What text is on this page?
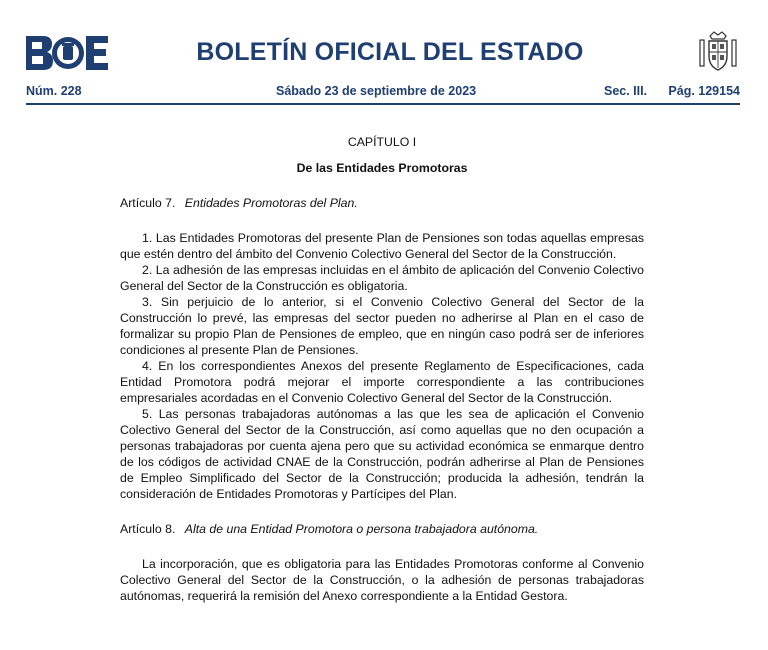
BOLETÍN OFICIAL DEL ESTADO
Núm. 228	Sábado 23 de septiembre de 2023	Sec. III. Pág. 129154
CAPÍTULO I
De las Entidades Promotoras
Artículo 7. Entidades Promotoras del Plan.

1. Las Entidades Promotoras del presente Plan de Pensiones son todas aquellas empresas que estén dentro del ámbito del Convenio Colectivo General del Sector de la Construcción.

2. La adhesión de las empresas incluidas en el ámbito de aplicación del Convenio Colectivo General del Sector de la Construcción es obligatoria.

3. Sin perjuicio de lo anterior, si el Convenio Colectivo General del Sector de la Construcción lo prevé, las empresas del sector pueden no adherirse al Plan en el caso de formalizar su propio Plan de Pensiones de empleo, que en ningún caso podrá ser de inferiores condiciones al presente Plan de Pensiones.

4. En los correspondientes Anexos del presente Reglamento de Especificaciones, cada Entidad Promotora podrá mejorar el importe correspondiente a las contribuciones empresariales acordadas en el Convenio Colectivo General del Sector de la Construcción.

5. Las personas trabajadoras autónomas a las que les sea de aplicación el Convenio Colectivo General del Sector de la Construcción, así como aquellas que no den ocupación a personas trabajadoras por cuenta ajena pero que su actividad económica se enmarque dentro de los códigos de actividad CNAE de la Construcción, podrán adherirse al Plan de Pensiones de Empleo Simplificado del Sector de la Construcción; producida la adhesión, tendrán la consideración de Entidades Promotoras y Partícipes del Plan.

Artículo 8. Alta de una Entidad Promotora o persona trabajadora autónoma.

La incorporación, que es obligatoria para las Entidades Promotoras conforme al Convenio Colectivo General del Sector de la Construcción, o la adhesión de personas trabajadoras autónomas, requerirá la remisión del Anexo correspondiente a la Entidad Gestora.
